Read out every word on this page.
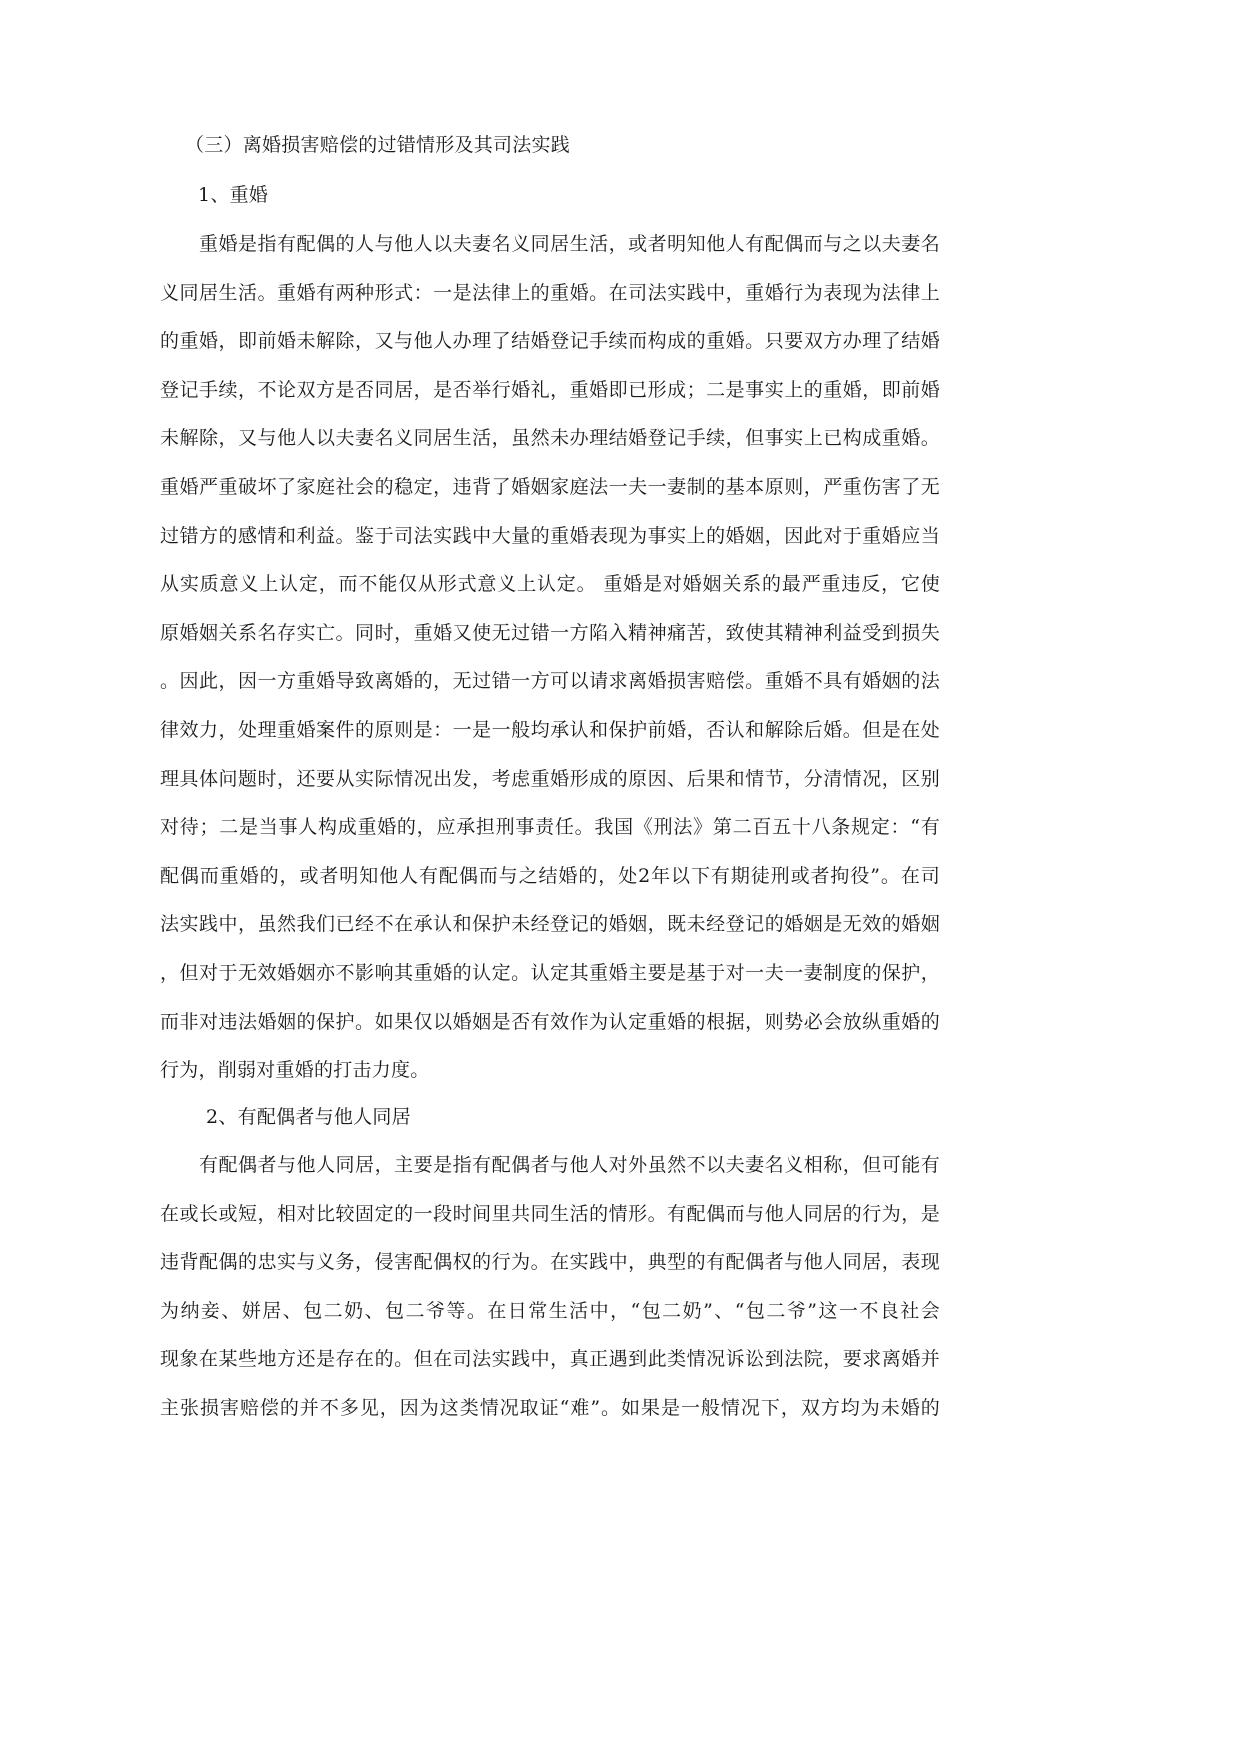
（三）离婚损害赔偿的过错情形及其司法实践
1、重婚
　　重婚是指有配偶的人与他人以夫妻名义同居生活，或者明知他人有配偶而与之以夫妻名
义同居生活。重婚有两种形式：一是法律上的重婚。在司法实践中，重婚行为表现为法律上
的重婚，即前婚未解除，又与他人办理了结婚登记手续而构成的重婚。只要双方办理了结婚
登记手续，不论双方是否同居，是否举行婚礼，重婚即已形成；二是事实上的重婚，即前婚
未解除，又与他人以夫妻名义同居生活，虽然未办理结婚登记手续，但事实上已构成重婚。
重婚严重破坏了家庭社会的稳定，违背了婚姻家庭法一夫一妻制的基本原则，严重伤害了无
过错方的感情和利益。鉴于司法实践中大量的重婚表现为事实上的婚姻，因此对于重婚应当
从实质意义上认定，而不能仅从形式意义上认定。 重婚是对婚姻关系的最严重违反，它使
原婚姻关系名存实亡。同时，重婚又使无过错一方陷入精神痛苦，致使其精神利益受到损失
。因此，因一方重婚导致离婚的，无过错一方可以请求离婚损害赔偿。重婚不具有婚姻的法
律效力，处理重婚案件的原则是：一是一般均承认和保护前婚，否认和解除后婚。但是在处
理具体问题时，还要从实际情况出发，考虑重婚形成的原因、后果和情节，分清情况，区别
对待；二是当事人构成重婚的，应承担刑事责任。我国《刑法》第二百五十八条规定：“有
配偶而重婚的，或者明知他人有配偶而与之结婚的，处2年以下有期徒刑或者拘役”。在司
法实践中，虽然我们已经不在承认和保护未经登记的婚姻，既未经登记的婚姻是无效的婚姻
，但对于无效婚姻亦不影响其重婚的认定。认定其重婚主要是基于对一夫一妻制度的保护，
而非对违法婚姻的保护。如果仅以婚姻是否有效作为认定重婚的根据，则势必会放纵重婚的
行为，削弱对重婚的打击力度。
2、有配偶者与他人同居
　　有配偶者与他人同居，主要是指有配偶者与他人对外虽然不以夫妻名义相称，但可能有
在或长或短，相对比较固定的一段时间里共同生活的情形。有配偶而与他人同居的行为，是
违背配偶的忠实与义务，侵害配偶权的行为。在实践中，典型的有配偶者与他人同居，表现
为纳妾、姘居、包二奶、包二爷等。在日常生活中，“包二奶”、“包二爷”这一不良社会
现象在某些地方还是存在的。但在司法实践中，真正遇到此类情况诉讼到法院，要求离婚并
主张损害赔偿的并不多见，因为这类情况取证“难”。如果是一般情况下，双方均为未婚的
